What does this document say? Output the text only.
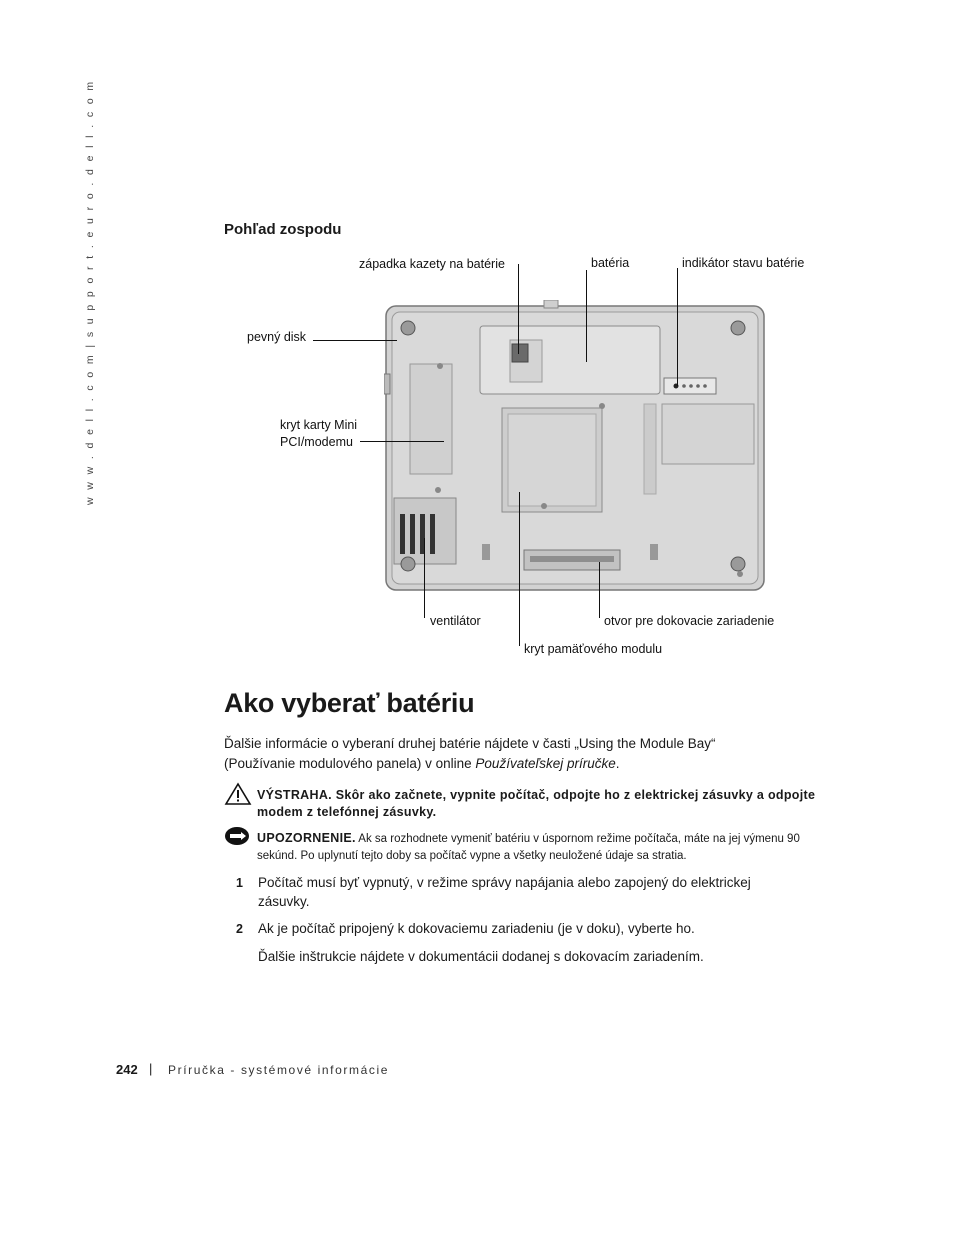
w w w . d e l l . c o m | s u p p o r t . e u r o . d e l l . c o m	Pohľad zospodu
západka kazety na batérie	batéria	indikátor stavu batérie
pevný disk
kryt karty Mini
PCI/modemu
ventilátor	otvor pre dokovacie zariadenie
kryt pamäťového modulu
Ako vyberať batériu
Ďalšie informácie o vyberaní druhej batérie nájdete v časti „Using the Module Bay“ (Používanie modulového panela) v online Používateľskej príručke.
VÝSTRAHA. Skôr ako začnete, vypnite počítač, odpojte ho z elektrickej zásuvky a odpojte modem z telefónnej zásuvky.
UPOZORNENIE. Ak sa rozhodnete vymeniť batériu v úspornom režime počítača, máte na jej výmenu 90 sekúnd. Po uplynutí tejto doby sa počítač vypne a všetky neuložené údaje sa stratia.
1 Počítač musí byť vypnutý, v režime správy napájania alebo zapojený do elektrickej zásuvky.
2 Ak je počítač pripojený k dokovaciemu zariadeniu (je v doku), vyberte ho.
Ďalšie inštrukcie nájdete v dokumentácii dodanej s dokovacím zariadením.
242 | Príručka - systémové informácie
